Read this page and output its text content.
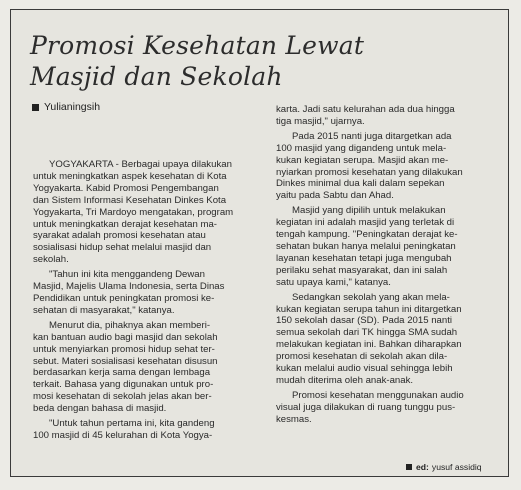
Promosi Kesehatan Lewat
Masjid dan Sekolah
Yulianingsih
YOGYAKARTA - Berbagai upaya dilakukan
untuk meningkatkan aspek kesehatan di Kota
Yogyakarta. Kabid Promosi Pengembangan
dan Sistem Informasi Kesehatan Dinkes Kota
Yogyakarta, Tri Mardoyo mengatakan, program
untuk meningkatkan derajat kesehatan ma-
syarakat adalah promosi kesehatan atau
sosialisasi hidup sehat melalui masjid dan
sekolah.
"Tahun ini kita menggandeng Dewan
Masjid, Majelis Ulama Indonesia, serta Dinas
Pendidikan untuk peningkatan promosi ke-
sehatan di masyarakat," katanya.
Menurut dia, pihaknya akan memberi-
kan bantuan audio bagi masjid dan sekolah
untuk menyiarkan promosi hidup sehat ter-
sebut. Materi sosialisasi kesehatan disusun
berdasarkan kerja sama dengan lembaga
terkait. Bahasa yang digunakan untuk pro-
mosi kesehatan di sekolah jelas akan ber-
beda dengan bahasa di masjid.
"Untuk tahun pertama ini, kita gandeng
100 masjid di 45 kelurahan di Kota Yogya-
karta. Jadi satu kelurahan ada dua hingga
tiga masjid," ujarnya.
Pada 2015 nanti juga ditargetkan ada
100 masjid yang digandeng untuk mela-
kukan kegiatan serupa. Masjid akan me-
nyiarkan promosi kesehatan yang dilakukan
Dinkes minimal dua kali dalam sepekan
yaitu pada Sabtu dan Ahad.
Masjid yang dipilih untuk melakukan
kegiatan ini adalah masjid yang terletak di
tengah kampung. "Peningkatan derajat ke-
sehatan bukan hanya melalui peningkatan
layanan kesehatan tetapi juga mengubah
perilaku sehat masyarakat, dan ini salah
satu upaya kami," katanya.
Sedangkan sekolah yang akan mela-
kukan kegiatan serupa tahun ini ditargetkan
150 sekolah dasar (SD). Pada 2015 nanti
semua sekolah dari TK hingga SMA sudah
melakukan kegiatan ini. Bahkan diharapkan
promosi kesehatan di sekolah akan dila-
kukan melalui audio visual sehingga lebih
mudah diterima oleh anak-anak.
Promosi kesehatan menggunakan audio
visual juga dilakukan di ruang tunggu pus-
kesmas.
ed: yusuf assidiq
